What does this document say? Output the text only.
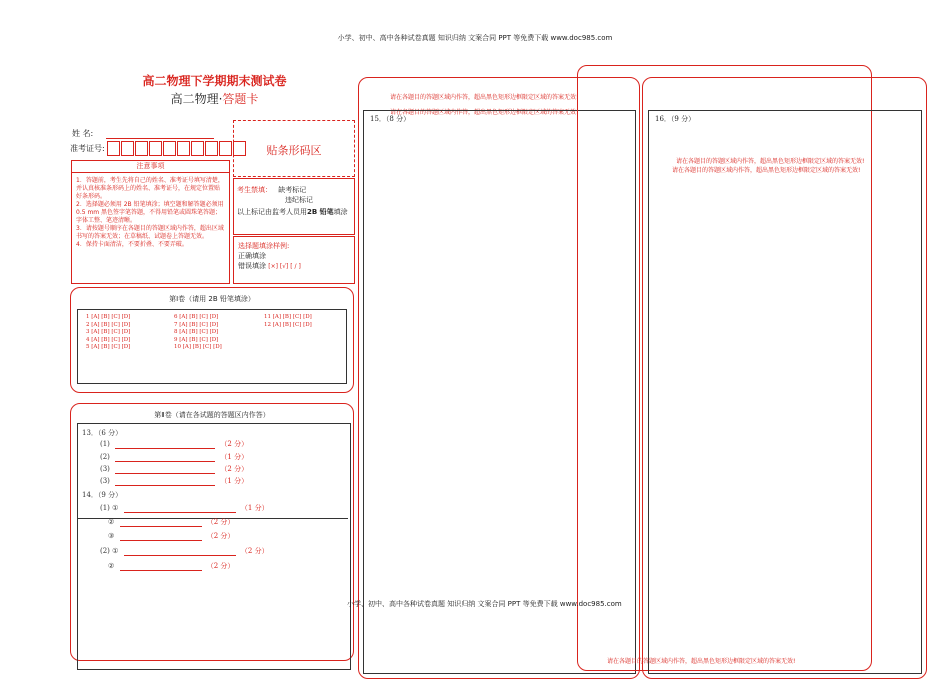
小学、初中、高中各种试卷真题 知识归纳 文案合同 PPT 等免费下载 www.doc985.com
高二物理下学期期末测试卷
高二物理·答题卡
姓 名:
准考证号:	贴条形码区
注意事项
1．答题前，考生先将自己的姓名、准考证号填写清楚，并认真核准条形码上的姓名、准考证号，在规定位置贴好条形码。
2．选择题必须用 2B 铅笔填涂；填空题和解答题必须用 0.5 mm 黑色签字笔答题，不得用铅笔或圆珠笔答题；字体工整、笔迹清晰。
3．请按题号顺序在各题目的答题区域内作答，超出区域书写的答案无效；在草稿纸、试题卷上答题无效。
4．保持卡面清洁，不要折叠、不要弄破。
考生禁填： 缺考标记
违纪标记
以上标记由监考人员用2B 铅笔填涂
选择题填涂样例:
正确填涂
错误填涂 [×] [√] [ / ]
第Ⅰ卷（请用 2B 铅笔填涂）
1 [A] [B] [C] [D]
2 [A] [B] [C] [D]
3 [A] [B] [C] [D]
4 [A] [B] [C] [D]
5 [A] [B] [C] [D]
6 [A] [B] [C] [D]
7 [A] [B] [C] [D]
8 [A] [B] [C] [D]
9 [A] [B] [C] [D]
10 [A] [B] [C] [D]
11 [A] [B] [C] [D]
12 [A] [B] [C] [D]
第Ⅱ卷（请在各试题的答题区内作答）
13．（6 分）
(1)	（2 分）
(2)	（1 分）
(3)	（2 分）
(3)	（1 分）
14．（9 分）
(1) ①	（1 分）
②	（2 分）
③	（2 分）
(2) ①	（2 分）
②	（2 分）
请在各题目的答题区域内作答，超出黑色矩形边框限定区域的答案无效!
请在各题目的答题区域内作答，超出黑色矩形边框限定区域的答案无效!
15．（8 分）	16．（9 分）
请在各题目的答题区域内作答，超出黑色矩形边框限定区域的答案无效!
请在各题目的答题区域内作答，超出黑色矩形边框限定区域的答案无效!
请在各题目的答题区域内作答，超出黑色矩形边框限定区域的答案无效!
小学、初中、高中各种试卷真题 知识归纳 文案合同 PPT 等免费下载 www.doc985.com
